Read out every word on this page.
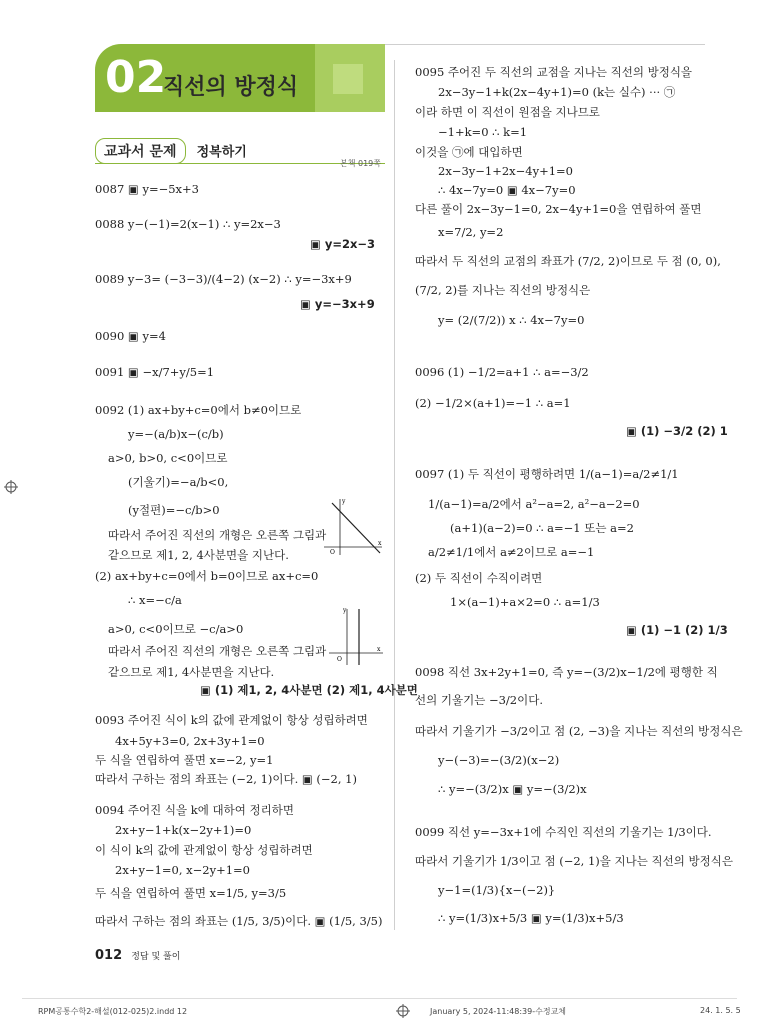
02
직선의 방정식
교과서 문제 정복하기
본책 019쪽
0087 ▣ y=−5x+3
0088 y−(−1)=2(x−1) ∴ y=2x−3
▣ y=2x−3
0089 y−3= (−3−3)/(4−2) (x−2) ∴ y=−3x+9
▣ y=−3x+9
0090 ▣ y=4
0091 ▣ −x/7+y/5=1
0092 (1) ax+by+c=0에서 b≠0이므로
y=−(a/b)x−(c/b)
a>0, b>0, c<0이므로
(기울기)=−a/b<0,
(y절편)=−c/b>0
따라서 주어진 직선의 개형은 오른쪽 그림과
같으므로 제1, 2, 4사분면을 지난다.
(2) ax+by+c=0에서 b=0이므로 ax+c=0
∴ x=−c/a
a>0, c<0이므로 −c/a>0
따라서 주어진 직선의 개형은 오른쪽 그림과
같으므로 제1, 4사분면을 지난다.
▣ (1) 제1, 2, 4사분면 (2) 제1, 4사분면
0093 주어진 식이 k의 값에 관계없이 항상 성립하려면
4x+5y+3=0, 2x+3y+1=0
두 식을 연립하여 풀면 x=−2, y=1
따라서 구하는 점의 좌표는 (−2, 1)이다. ▣ (−2, 1)
0094 주어진 식을 k에 대하여 정리하면
2x+y−1+k(x−2y+1)=0
이 식이 k의 값에 관계없이 항상 성립하려면
2x+y−1=0, x−2y+1=0
두 식을 연립하여 풀면 x=1/5, y=3/5
따라서 구하는 점의 좌표는 (1/5, 3/5)이다. ▣ (1/5, 3/5)
y
x
O
y
x
O
0095 주어진 두 직선의 교점을 지나는 직선의 방정식을
2x−3y−1+k(2x−4y+1)=0 (k는 실수) ··· ㉠
이라 하면 이 직선이 원점을 지나므로
−1+k=0 ∴ k=1
이것을 ㉠에 대입하면
2x−3y−1+2x−4y+1=0
∴ 4x−7y=0 ▣ 4x−7y=0
다른 풀이 2x−3y−1=0, 2x−4y+1=0을 연립하여 풀면
x=7/2, y=2
따라서 두 직선의 교점의 좌표가 (7/2, 2)이므로 두 점 (0, 0),
(7/2, 2)를 지나는 직선의 방정식은
y= (2/(7/2)) x ∴ 4x−7y=0
0096 (1) −1/2=a+1 ∴ a=−3/2
(2) −1/2×(a+1)=−1 ∴ a=1
▣ (1) −3/2 (2) 1
0097 (1) 두 직선이 평행하려면 1/(a−1)=a/2≠1/1
1/(a−1)=a/2에서 a²−a=2, a²−a−2=0
(a+1)(a−2)=0 ∴ a=−1 또는 a=2
a/2≠1/1에서 a≠2이므로 a=−1
(2) 두 직선이 수직이려면
1×(a−1)+a×2=0 ∴ a=1/3
▣ (1) −1 (2) 1/3
0098 직선 3x+2y+1=0, 즉 y=−(3/2)x−1/2에 평행한 직
선의 기울기는 −3/2이다.
따라서 기울기가 −3/2이고 점 (2, −3)을 지나는 직선의 방정식은
y−(−3)=−(3/2)(x−2)
∴ y=−(3/2)x ▣ y=−(3/2)x
0099 직선 y=−3x+1에 수직인 직선의 기울기는 1/3이다.
따라서 기울기가 1/3이고 점 (−2, 1)을 지나는 직선의 방정식은
y−1=(1/3){x−(−2)}
∴ y=(1/3)x+5/3 ▣ y=(1/3)x+5/3
012 정답 및 풀이
RPM공통수학2-해설(012-025)2.indd 12	January 5, 2024-11:48:39-수정교체	24. 1. 5. 5
